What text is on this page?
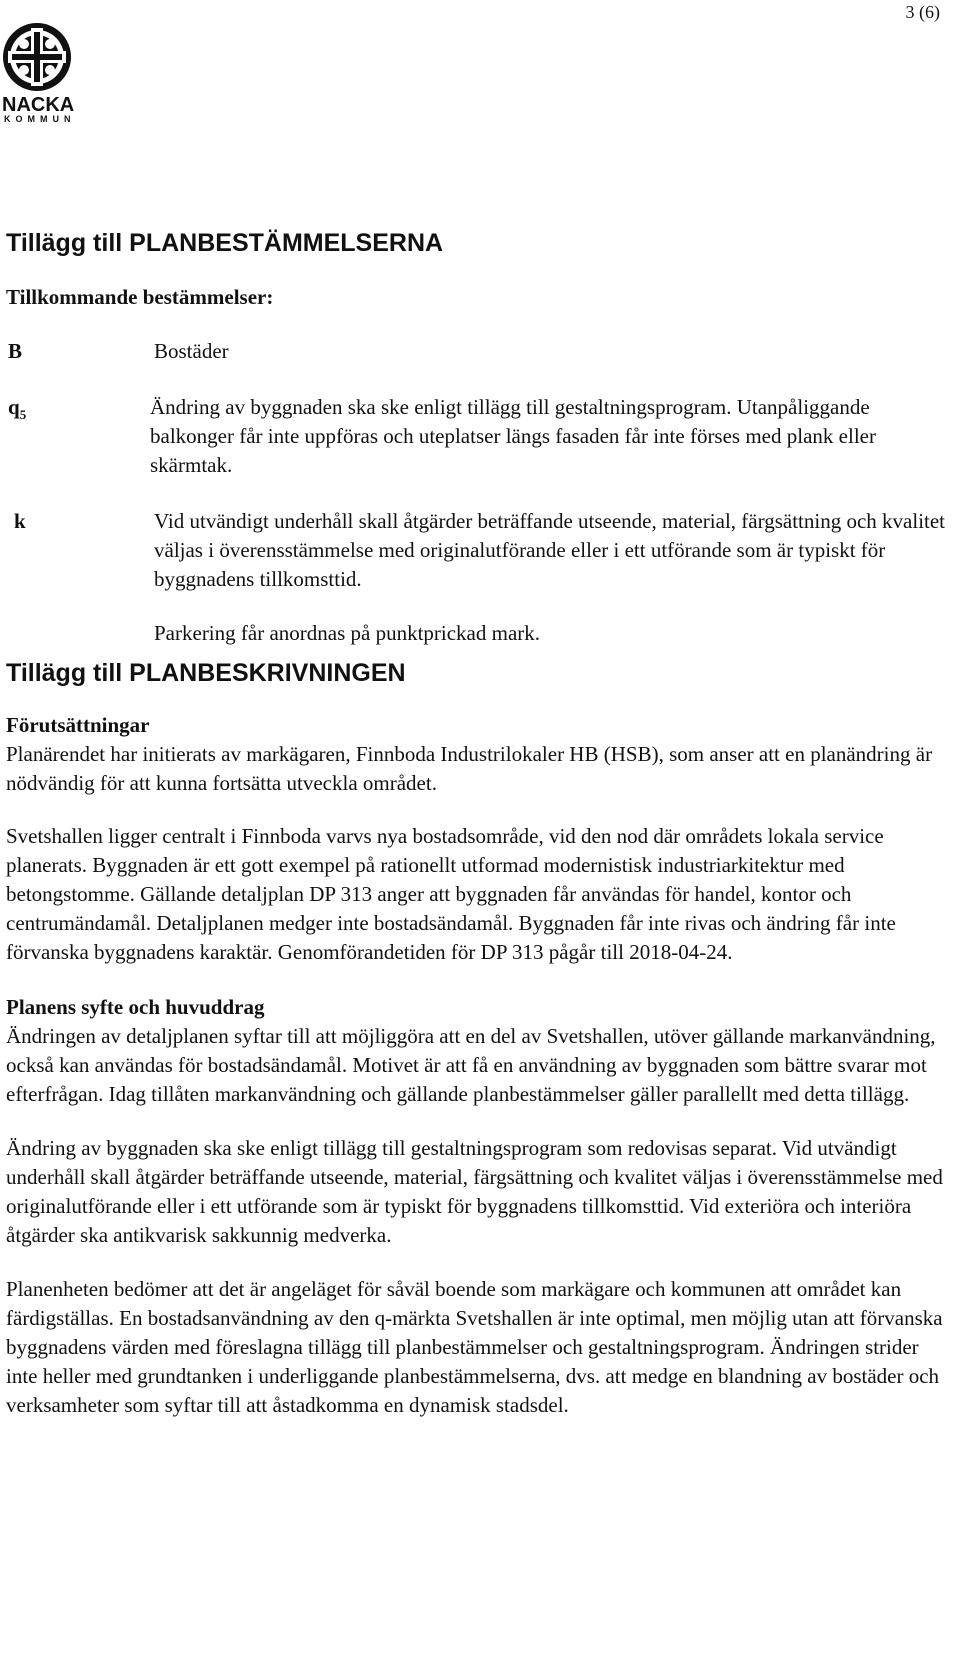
3 (6)
NACKA
KOMMUN
Tillägg till PLANBESTÄMMELSERNA
Tillkommande bestämmelser:
B	Bostäder
$q_5$	Ändring av byggnaden ska ske enligt tillägg till gestaltningsprogram. Utanpåliggande balkonger får inte uppföras och uteplatser längs fasaden får inte förses med plank eller skärmtak.
k	Vid utvändigt underhåll skall åtgärder beträffande utseende, material, färgsättning och kvalitet väljas i överensstämmelse med originalutförande eller i ett utförande som är typiskt för byggnadens tillkomsttid.
Parkering får anordnas på punktprickad mark.
Tillägg till PLANBESKRIVNINGEN
Förutsättningar

Planärendet har initierats av markägaren, Finnboda Industrilokaler HB (HSB), som anser att en planändring är nödvändig för att kunna fortsätta utveckla området.

Svetshallen ligger centralt i Finnboda varvs nya bostadsområde, vid den nod där områdets lokala service planerats. Byggnaden är ett gott exempel på rationellt utformad modernistisk industriarkitektur med betongstomme. Gällande detaljplan DP 313 anger att byggnaden får användas för handel, kontor och centrumändamål. Detaljplanen medger inte bostadsändamål. Byggnaden får inte rivas och ändring får inte förvanska byggnadens karaktär. Genomförandetiden för DP 313 pågår till 2018-04-24.

Planens syfte och huvuddrag

Ändringen av detaljplanen syftar till att möjliggöra att en del av Svetshallen, utöver gällande markanvändning, också kan användas för bostadsändamål. Motivet är att få en användning av byggnaden som bättre svarar mot efterfrågan. Idag tillåten markanvändning och gällande planbestämmelser gäller parallellt med detta tillägg.

Ändring av byggnaden ska ske enligt tillägg till gestaltningsprogram som redovisas separat. Vid utvändigt underhåll skall åtgärder beträffande utseende, material, färgsättning och kvalitet väljas i överensstämmelse med originalutförande eller i ett utförande som är typiskt för byggnadens tillkomsttid. Vid exteriöra och interiöra åtgärder ska antikvarisk sakkunnig medverka.

Planenheten bedömer att det är angeläget för såväl boende som markägare och kommunen att området kan färdigställas. En bostadsanvändning av den q-märkta Svetshallen är inte optimal, men möjlig utan att förvanska byggnadens värden med föreslagna tillägg till planbestämmelser och gestaltningsprogram. Ändringen strider inte heller med grundtanken i underliggande planbestämmelserna, dvs. att medge en blandning av bostäder och verksamheter som syftar till att åstadkomma en dynamisk stadsdel.
